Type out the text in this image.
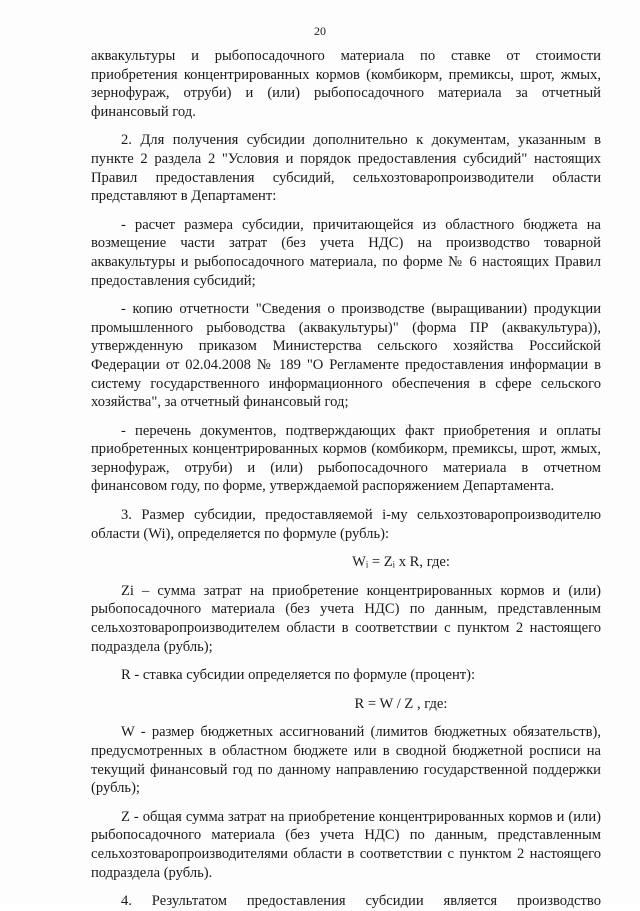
20

аквакультуры и рыбопосадочного материала по ставке от стоимости приобретения концентрированных кормов (комбикорм, премиксы, шрот, жмых, зернофураж, отруби) и (или) рыбопосадочного материала за отчетный финансовый год.

2. Для получения субсидии дополнительно к документам, указанным в пункте 2 раздела 2 "Условия и порядок предоставления субсидий" настоящих Правил предоставления субсидий, сельхозтоваропроизводители области представляют в Департамент:

- расчет размера субсидии, причитающейся из областного бюджета на возмещение части затрат (без учета НДС) на производство товарной аквакультуры и рыбопосадочного материала, по форме № 6 настоящих Правил предоставления субсидий;

- копию отчетности "Сведения о производстве (выращивании) продукции промышленного рыбоводства (аквакультуры)" (форма ПР (аквакультура)), утвержденную приказом Министерства сельского хозяйства Российской Федерации от 02.04.2008 № 189 "О Регламенте предоставления информации в систему государственного информационного обеспечения в сфере сельского хозяйства", за отчетный финансовый год;

- перечень документов, подтверждающих факт приобретения и оплаты приобретенных концентрированных кормов (комбикорм, премиксы, шрот, жмых, зернофураж, отруби) и (или) рыбопосадочного материала в отчетном финансовом году, по форме, утверждаемой распоряжением Департамента.

3. Размер субсидии, предоставляемой i-му сельхозтоваропроизводителю области (Wi), определяется по формуле (рубль):

Wᵢ = Zᵢ x R, где:

Zi – сумма затрат на приобретение концентрированных кормов и (или) рыбопосадочного материала (без учета НДС) по данным, представленным сельхозтоваропроизводителем области в соответствии с пунктом 2 настоящего подраздела (рубль);

R - ставка субсидии определяется по формуле (процент):

R = W / Z , где:

W - размер бюджетных ассигнований (лимитов бюджетных обязательств), предусмотренных в областном бюджете или в сводной бюджетной росписи на текущий финансовый год по данному направлению государственной поддержки (рубль);

Z - общая сумма затрат на приобретение концентрированных кормов и (или) рыбопосадочного материала (без учета НДС) по данным, представленным сельхозтоваропроизводителями области в соответствии с пунктом 2 настоящего подраздела (рубль).

4. Результатом предоставления субсидии является производство
